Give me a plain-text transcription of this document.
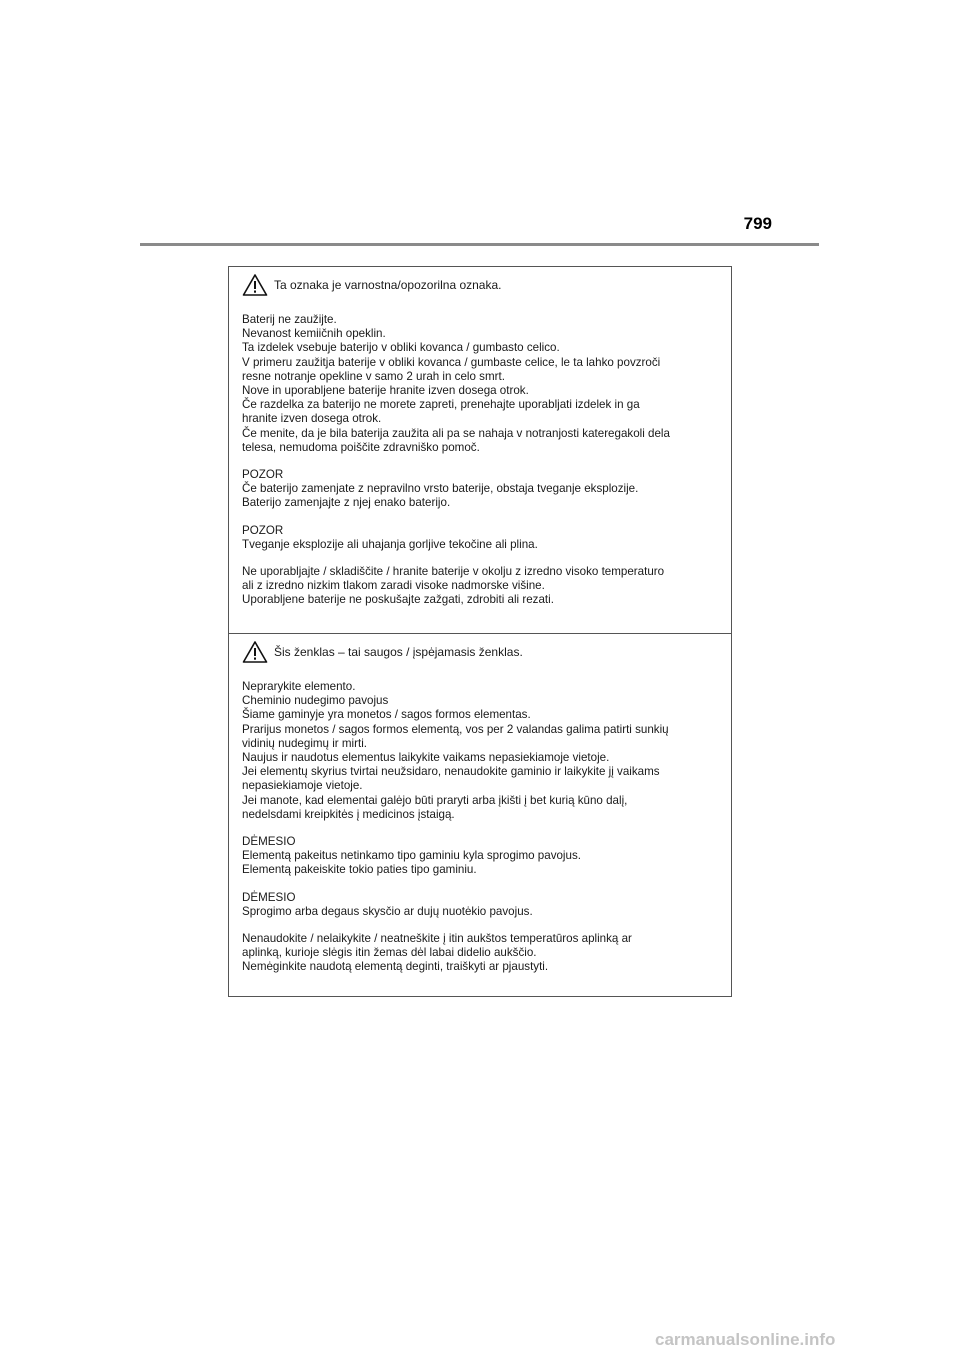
799
Ta oznaka je varnostna/opozorilna oznaka.
Baterij ne zaužijte.
Nevanost kemiičnih opeklin.
Ta izdelek vsebuje baterijo v obliki kovanca / gumbasto celico.
V primeru zaužitja baterije v obliki kovanca / gumbaste celice, le ta lahko povzroči
resne notranje opekline v samo 2 urah in celo smrt.
Nove in uporabljene baterije hranite izven dosega otrok.
Če razdelka za baterijo ne morete zapreti, prenehajte uporabljati izdelek in ga
hranite izven dosega otrok.
Če menite, da je bila baterija zaužita ali pa se nahaja v notranjosti kateregakoli dela
telesa, nemudoma poiščite zdravniško pomoč.
POZOR
Če baterijo zamenjate z nepravilno vrsto baterije, obstaja tveganje eksplozije.
Baterijo zamenjajte z njej enako baterijo.
POZOR
Tveganje eksplozije ali uhajanja gorljive tekočine ali plina.
Ne uporabljajte / skladiščite / hranite baterije v okolju z izredno visoko temperaturo
ali z izredno nizkim tlakom zaradi visoke nadmorske višine.
Uporabljene baterije ne poskušajte zažgati, zdrobiti ali rezati.
Šis ženklas – tai saugos / įspėjamasis ženklas.
Neprarykite elemento.
Cheminio nudegimo pavojus
Šiame gaminyje yra monetos / sagos formos elementas.
Prarijus monetos / sagos formos elementą, vos per 2 valandas galima patirti sunkių
vidinių nudegimų ir mirti.
Naujus ir naudotus elementus laikykite vaikams nepasiekiamoje vietoje.
Jei elementų skyrius tvirtai neužsidaro, nenaudokite gaminio ir laikykite jį vaikams
nepasiekiamoje vietoje.
Jei manote, kad elementai galėjo būti praryti arba įkišti į bet kurią kūno dalį,
nedelsdami kreipkitės į medicinos įstaigą.
DĖMESIO
Elementą pakeitus netinkamo tipo gaminiu kyla sprogimo pavojus.
Elementą pakeiskite tokio paties tipo gaminiu.
DĖMESIO
Sprogimo arba degaus skysčio ar dujų nuotėkio pavojus.
Nenaudokite / nelaikykite / neatneškite į itin aukštos temperatūros aplinką ar
aplinką, kurioje slėgis itin žemas dėl labai didelio aukščio.
Nemėginkite naudotą elementą deginti, traiškyti ar pjaustyti.
carmanualsonline.info
